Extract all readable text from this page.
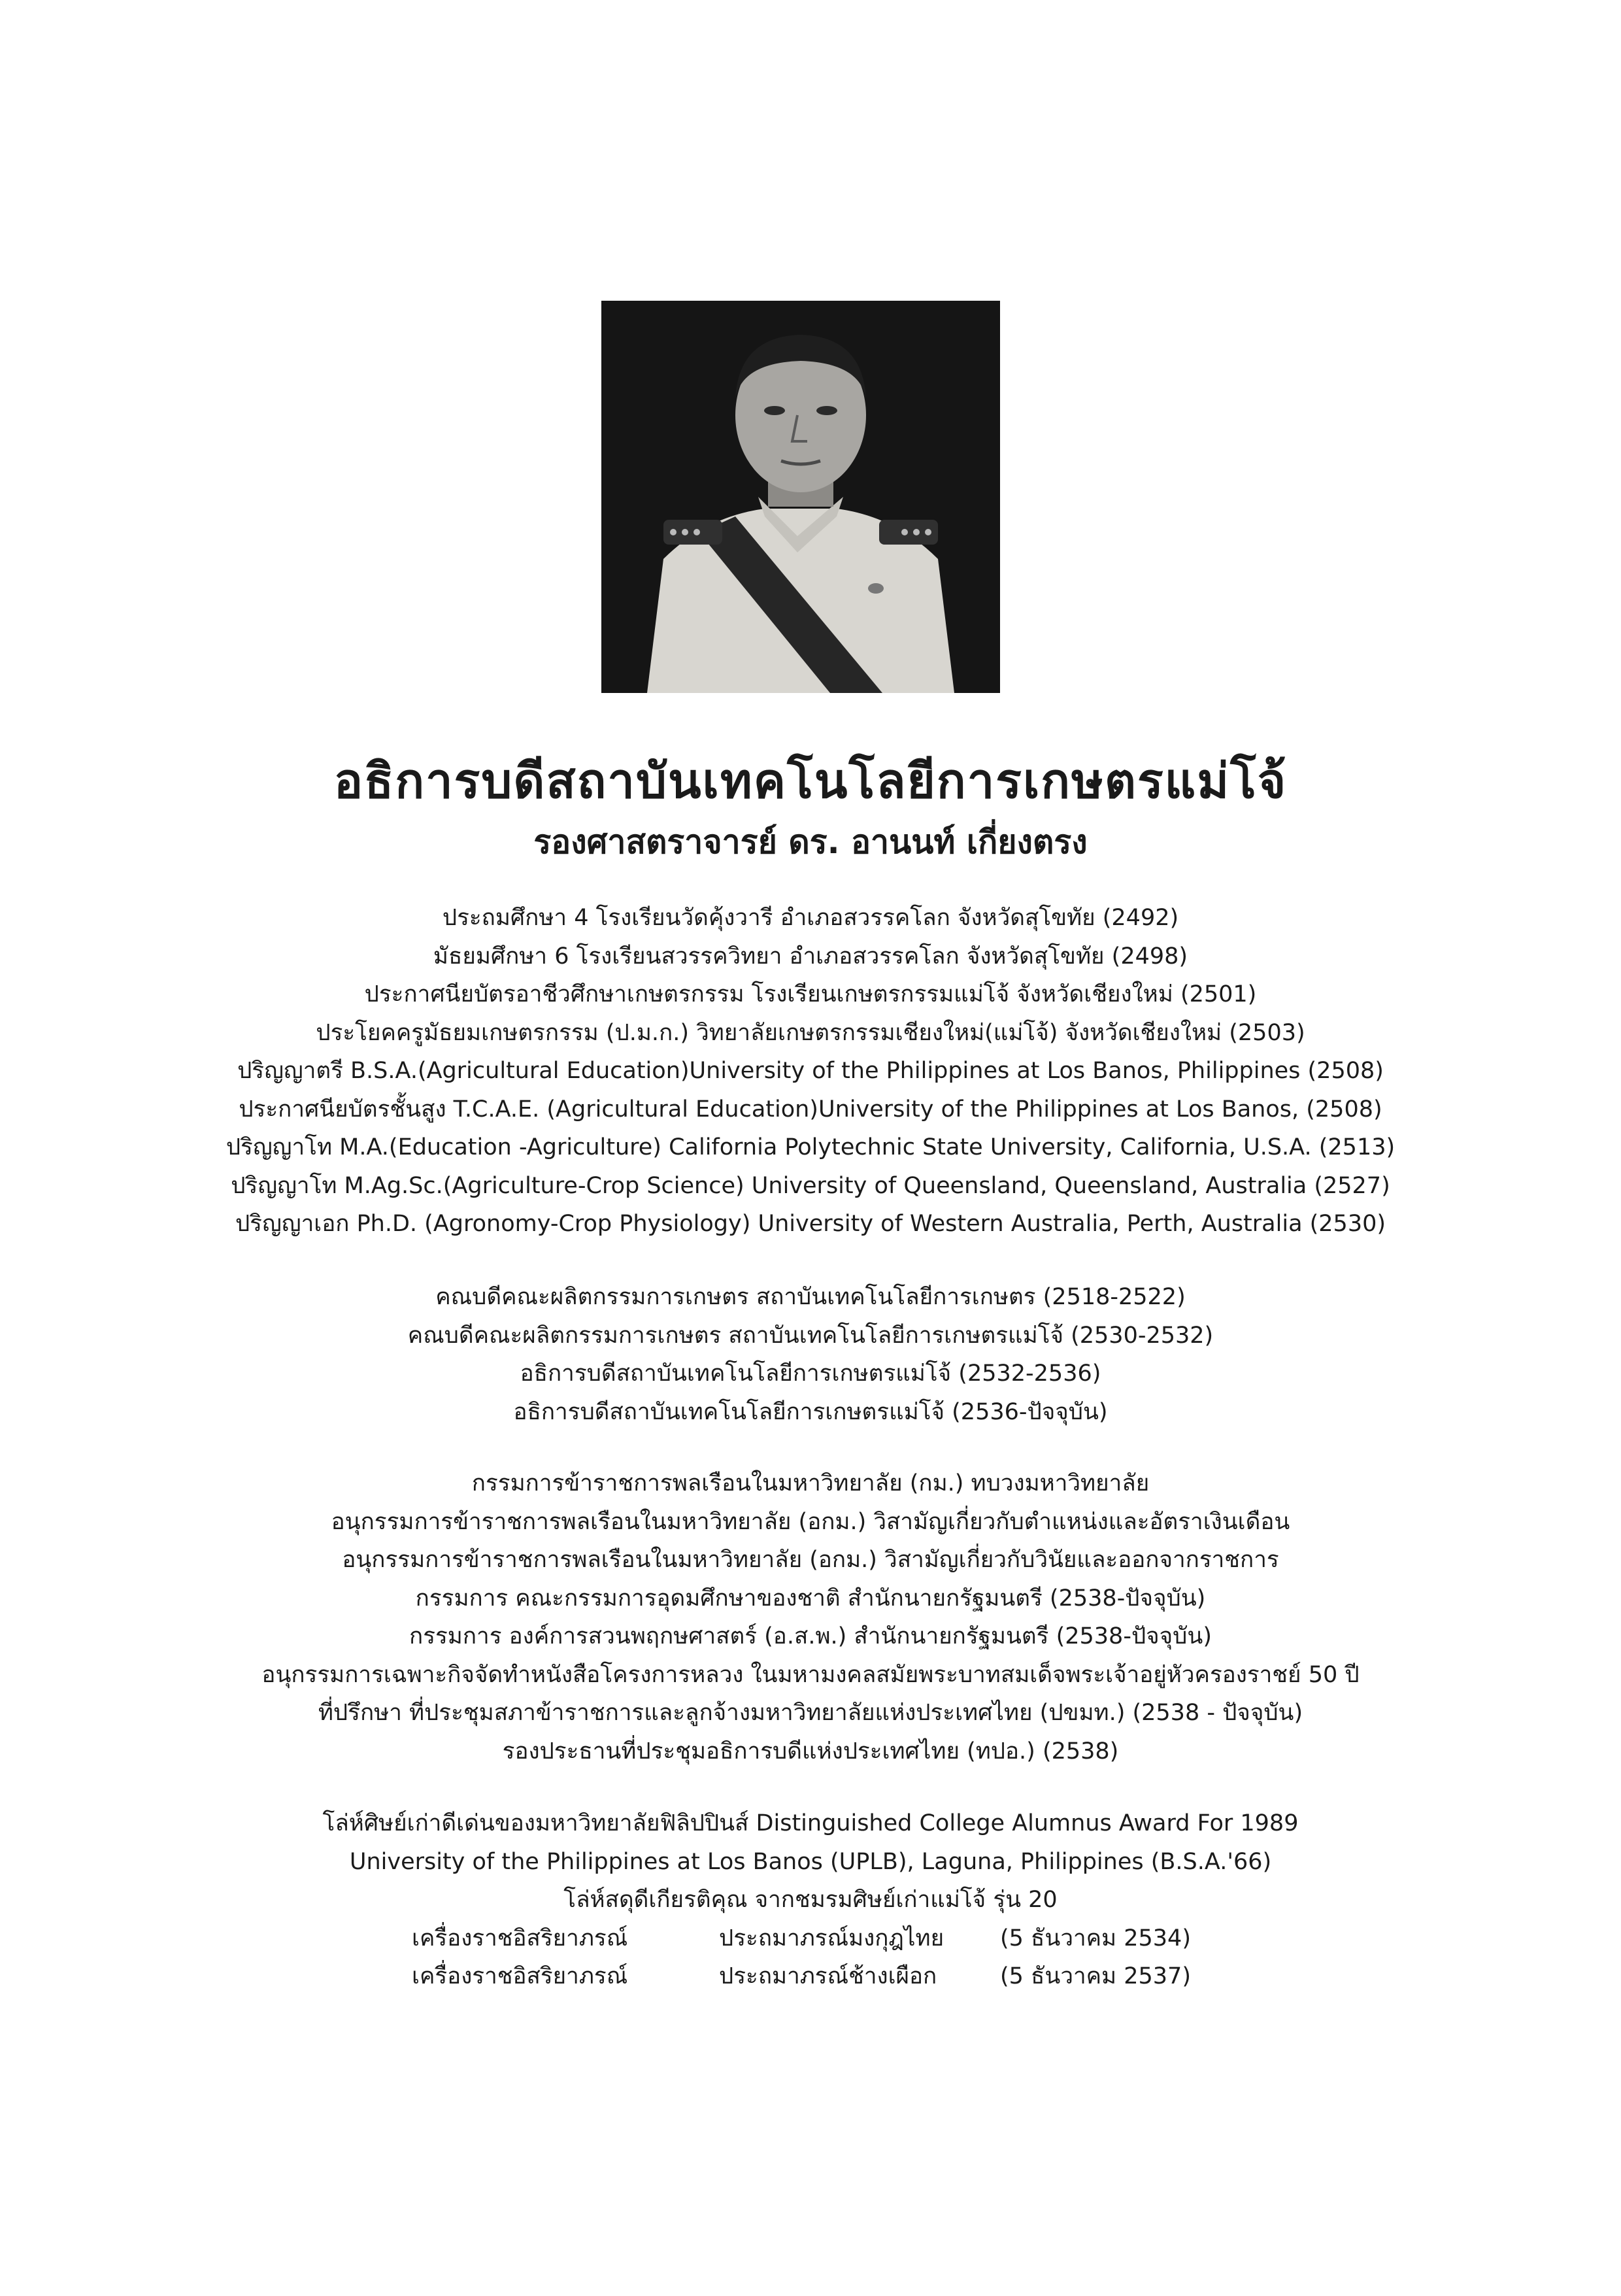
อธิการบดีสถาบันเทคโนโลยีการเกษตรแม่โจ้
รองศาสตราจารย์ ดร. อานนท์ เกี่ยงตรง
ประถมศึกษา 4 โรงเรียนวัดคุ้งวารี อำเภอสวรรคโลก จังหวัดสุโขทัย (2492)
มัธยมศึกษา 6 โรงเรียนสวรรควิทยา อำเภอสวรรคโลก จังหวัดสุโขทัย (2498)
ประกาศนียบัตรอาชีวศึกษาเกษตรกรรม โรงเรียนเกษตรกรรมแม่โจ้ จังหวัดเชียงใหม่ (2501)
ประโยคครูมัธยมเกษตรกรรม (ป.ม.ก.) วิทยาลัยเกษตรกรรมเชียงใหม่(แม่โจ้) จังหวัดเชียงใหม่ (2503)
ปริญญาตรี B.S.A.(Agricultural Education)University of the Philippines at Los Banos, Philippines (2508)
ประกาศนียบัตรชั้นสูง T.C.A.E. (Agricultural Education)University of the Philippines at Los Banos, (2508)
ปริญญาโท M.A.(Education -Agriculture) California Polytechnic State University, California, U.S.A. (2513)
ปริญญาโท M.Ag.Sc.(Agriculture-Crop Science) University of Queensland, Queensland, Australia (2527)
ปริญญาเอก Ph.D. (Agronomy-Crop Physiology) University of Western Australia, Perth, Australia (2530)
คณบดีคณะผลิตกรรมการเกษตร สถาบันเทคโนโลยีการเกษตร (2518-2522)
คณบดีคณะผลิตกรรมการเกษตร สถาบันเทคโนโลยีการเกษตรแม่โจ้ (2530-2532)
อธิการบดีสถาบันเทคโนโลยีการเกษตรแม่โจ้ (2532-2536)
อธิการบดีสถาบันเทคโนโลยีการเกษตรแม่โจ้ (2536-ปัจจุบัน)
กรรมการข้าราชการพลเรือนในมหาวิทยาลัย (กม.) ทบวงมหาวิทยาลัย
อนุกรรมการข้าราชการพลเรือนในมหาวิทยาลัย (อกม.) วิสามัญเกี่ยวกับตำแหน่งและอัตราเงินเดือน
อนุกรรมการข้าราชการพลเรือนในมหาวิทยาลัย (อกม.) วิสามัญเกี่ยวกับวินัยและออกจากราชการ
กรรมการ คณะกรรมการอุดมศึกษาของชาติ สำนักนายกรัฐมนตรี (2538-ปัจจุบัน)
กรรมการ องค์การสวนพฤกษศาสตร์ (อ.ส.พ.) สำนักนายกรัฐมนตรี (2538-ปัจจุบัน)
อนุกรรมการเฉพาะกิจจัดทำหนังสือโครงการหลวง ในมหามงคลสมัยพระบาทสมเด็จพระเจ้าอยู่หัวครองราชย์ 50 ปี
ที่ปรึกษา ที่ประชุมสภาข้าราชการและลูกจ้างมหาวิทยาลัยแห่งประเทศไทย (ปขมท.) (2538 - ปัจจุบัน)
รองประธานที่ประชุมอธิการบดีแห่งประเทศไทย (ทปอ.) (2538)
โล่ห์ศิษย์เก่าดีเด่นของมหาวิทยาลัยฟิลิปปินส์ Distinguished College Alumnus Award For 1989
University of the Philippines at Los Banos (UPLB), Laguna, Philippines (B.S.A.'66)
โล่ห์สดุดีเกียรติคุณ จากชมรมศิษย์เก่าแม่โจ้ รุ่น 20
เครื่องราชอิสริยาภรณ์	ประถมาภรณ์มงกุฎไทย (5 ธันวาคม 2534)
เครื่องราชอิสริยาภรณ์	ประถมาภรณ์ช้างเผือก	(5 ธันวาคม 2537)
